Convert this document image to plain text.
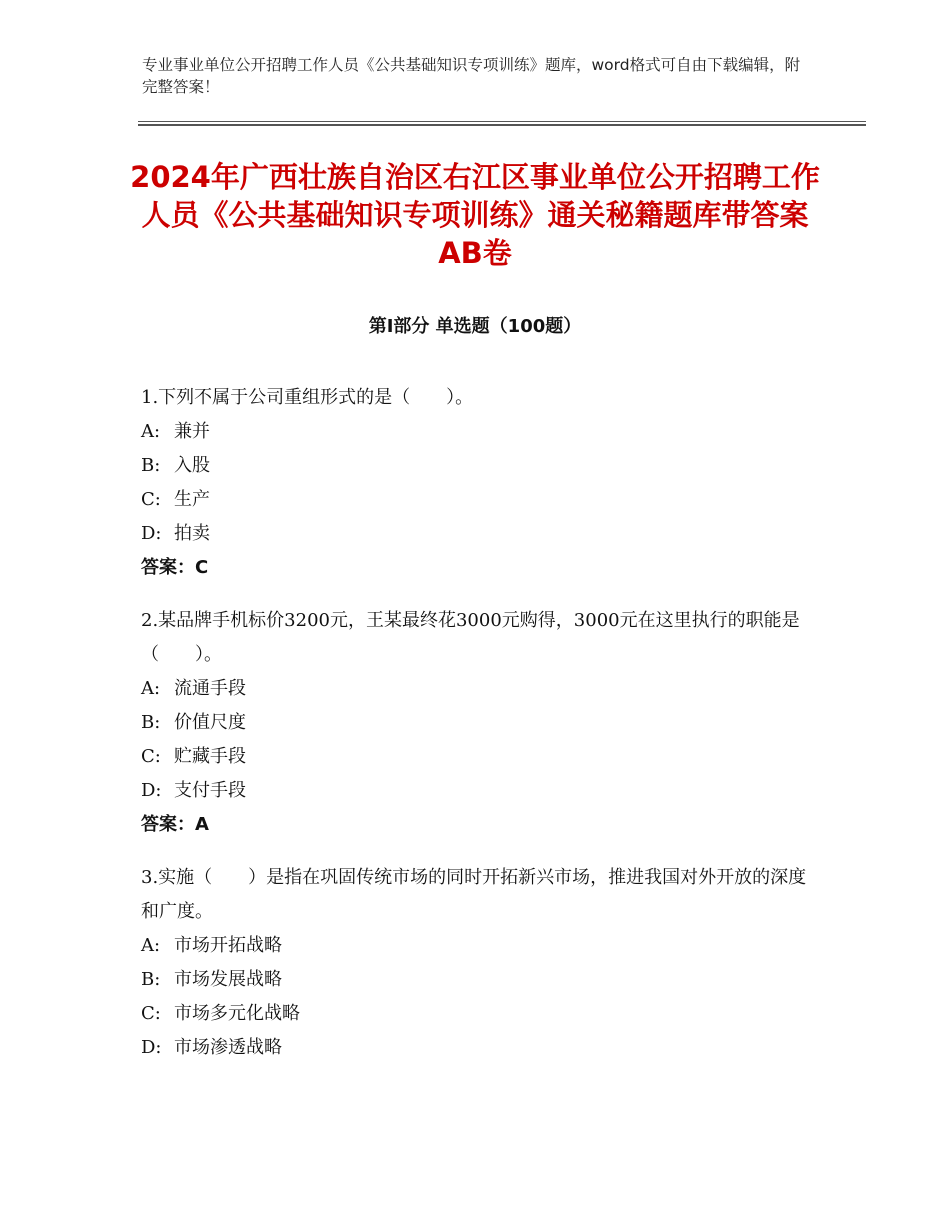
专业事业单位公开招聘工作人员《公共基础知识专项训练》题库，word格式可自由下载编辑，附完整答案！
2024年广西壮族自治区右江区事业单位公开招聘工作人员《公共基础知识专项训练》通关秘籍题库带答案AB卷
第Ⅰ部分 单选题（100题）

1.下列不属于公司重组形式的是（　　）。

A: 兼并

B: 入股

C: 生产

D: 拍卖

答案：C

2.某品牌手机标价3200元，王某最终花3000元购得，3000元在这里执行的职能是（　　）。

A: 流通手段

B: 价值尺度

C: 贮藏手段

D: 支付手段

答案：A

3.实施（　　）是指在巩固传统市场的同时开拓新兴市场，推进我国对外开放的深度和广度。

A: 市场开拓战略

B: 市场发展战略

C: 市场多元化战略

D: 市场渗透战略
